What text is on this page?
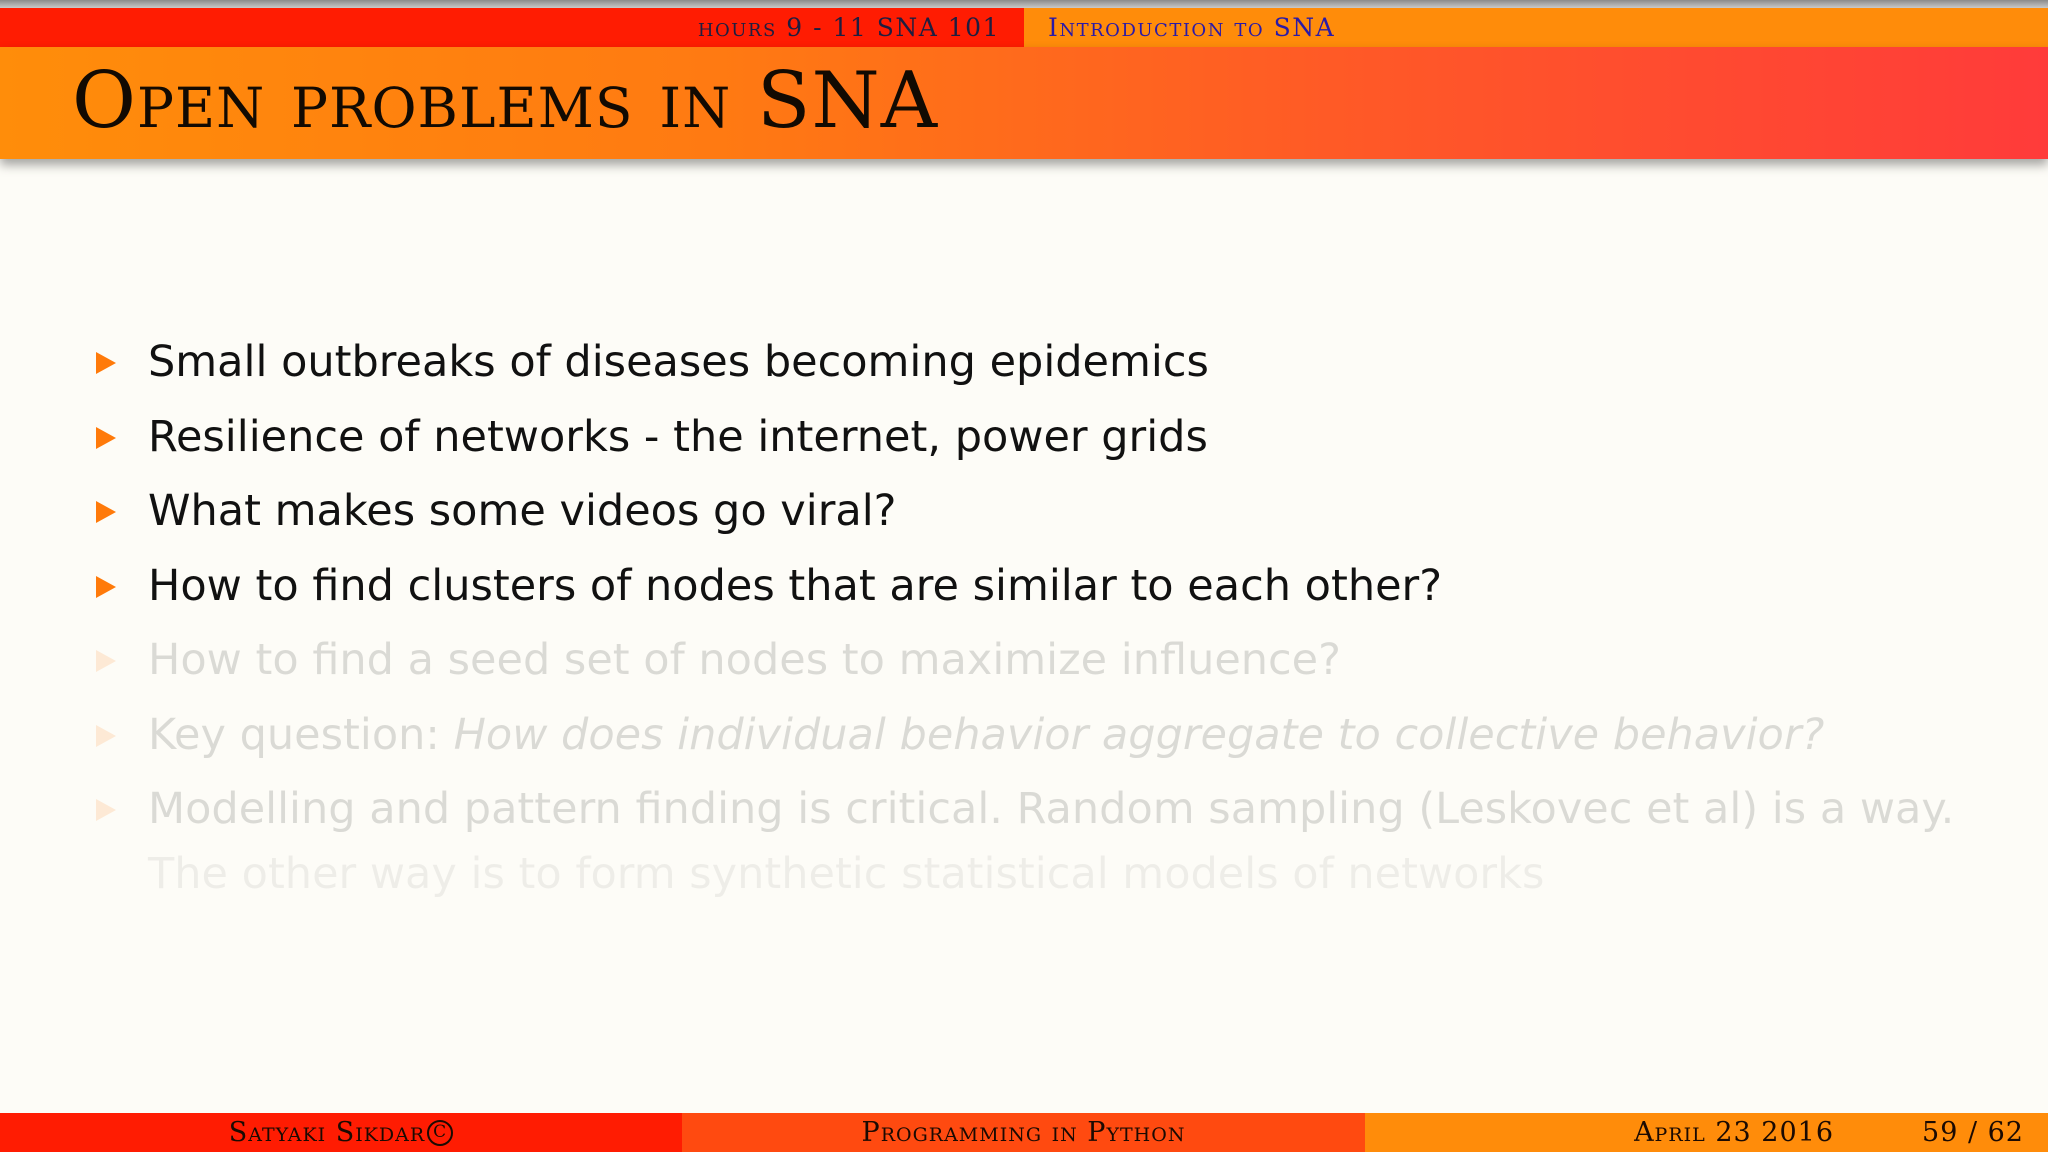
hours 9 - 11 SNA 101 Introduction to SNA
Open problems in SNA
Small outbreaks of diseases becoming epidemics
Resilience of networks - the internet, power grids
What makes some videos go viral?
How to find clusters of nodes that are similar to each other?
How to find a seed set of nodes to maximize influence?
Key question: How does individual behavior aggregate to collective behavior?
Modelling and pattern finding is critical. Random sampling (Leskovec et al) is a way. The other way is to form synthetic statistical models of networks
Satyaki Sikdar C	Programming in Python	April 23 2016	59 / 62
